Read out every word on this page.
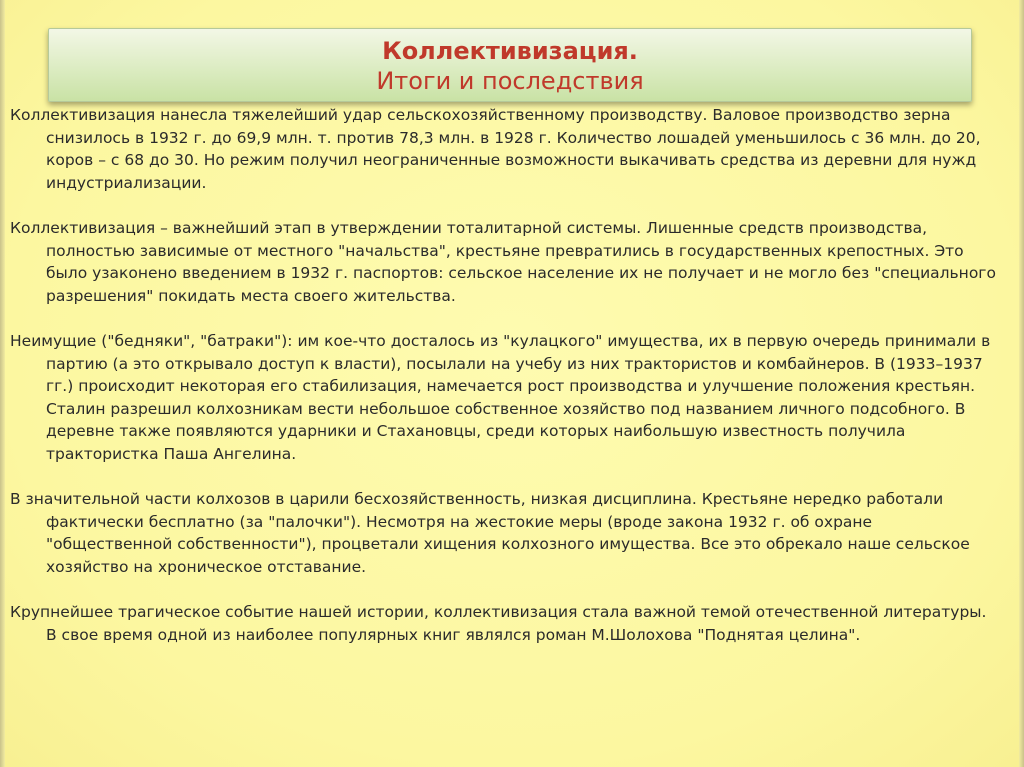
Коллективизация.
Итоги и последствия

Коллективизация нанесла тяжелейший удар сельскохозяйственному производству. Валовое производство зерна снизилось в 1932 г. до 69,9 млн. т. против 78,3 млн. в 1928 г. Количество лошадей уменьшилось с 36 млн. до 20, коров – с 68 до 30. Но режим получил неограниченные возможности выкачивать средства из деревни для нужд индустриализации.

Коллективизация – важнейший этап в утверждении тоталитарной системы. Лишенные средств производства, полностью зависимые от местного "начальства", крестьяне превратились в государственных крепостных. Это было узаконено введением в 1932 г. паспортов: сельское население их не получает и не могло без "специального разрешения" покидать места своего жительства.

Неимущие ("бедняки", "батраки"): им кое-что досталось из "кулацкого" имущества, их в первую очередь принимали в партию (а это открывало доступ к власти), посылали на учебу из них трактористов и комбайнеров. В (1933–1937 гг.) происходит некоторая его стабилизация, намечается рост производства и улучшение положения крестьян. Сталин разрешил колхозникам вести небольшое собственное хозяйство под названием личного подсобного. В деревне также появляются ударники и Стахановцы, среди которых наибольшую известность получила трактористка Паша Ангелина.

В значительной части колхозов в царили бесхозяйственность, низкая дисциплина. Крестьяне нередко работали фактически бесплатно (за "палочки"). Несмотря на жестокие меры (вроде закона 1932 г. об охране "общественной собственности"), процветали хищения колхозного имущества. Все это обрекало наше сельское хозяйство на хроническое отставание.

Крупнейшее трагическое событие нашей истории, коллективизация стала важной темой отечественной литературы. В свое время одной из наиболее популярных книг являлся роман М.Шолохова "Поднятая целина".
